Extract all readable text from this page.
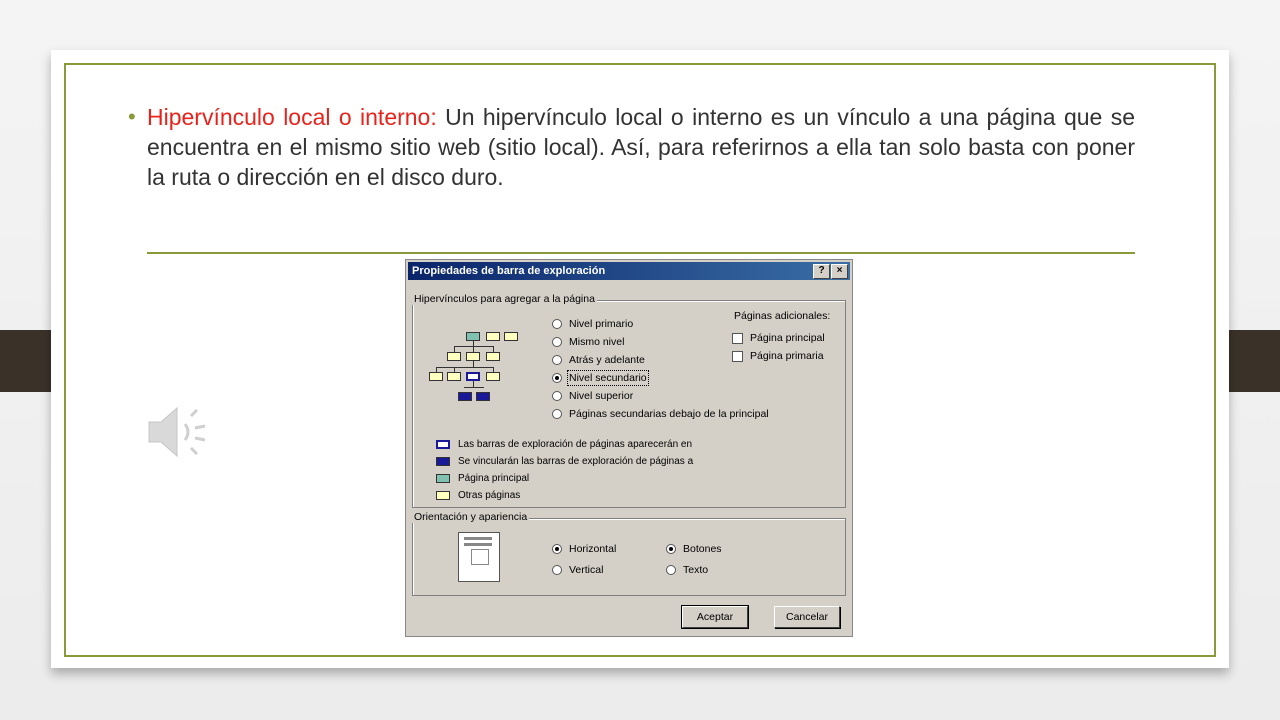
• Hipervínculo local o interno: Un hipervínculo local o interno es un vínculo a una página que se encuentra en el mismo sitio web (sitio local). Así, para referirnos a ella tan solo basta con poner la ruta o dirección en el disco duro.
Propiedades de barra de exploración	?	×
Hipervínculos para agregar a la página
Nivel primario
Mismo nivel
Atrás y adelante
Nivel secundario
Nivel superior
Páginas secundarias debajo de la principal
Páginas adicionales:
Página principal
Página primaria
Las barras de exploración de páginas aparecerán en
Se vincularán las barras de exploración de páginas a
Página principal
Otras páginas
Orientación y apariencia
Horizontal
Vertical
Botones
Texto
Aceptar	Cancelar
